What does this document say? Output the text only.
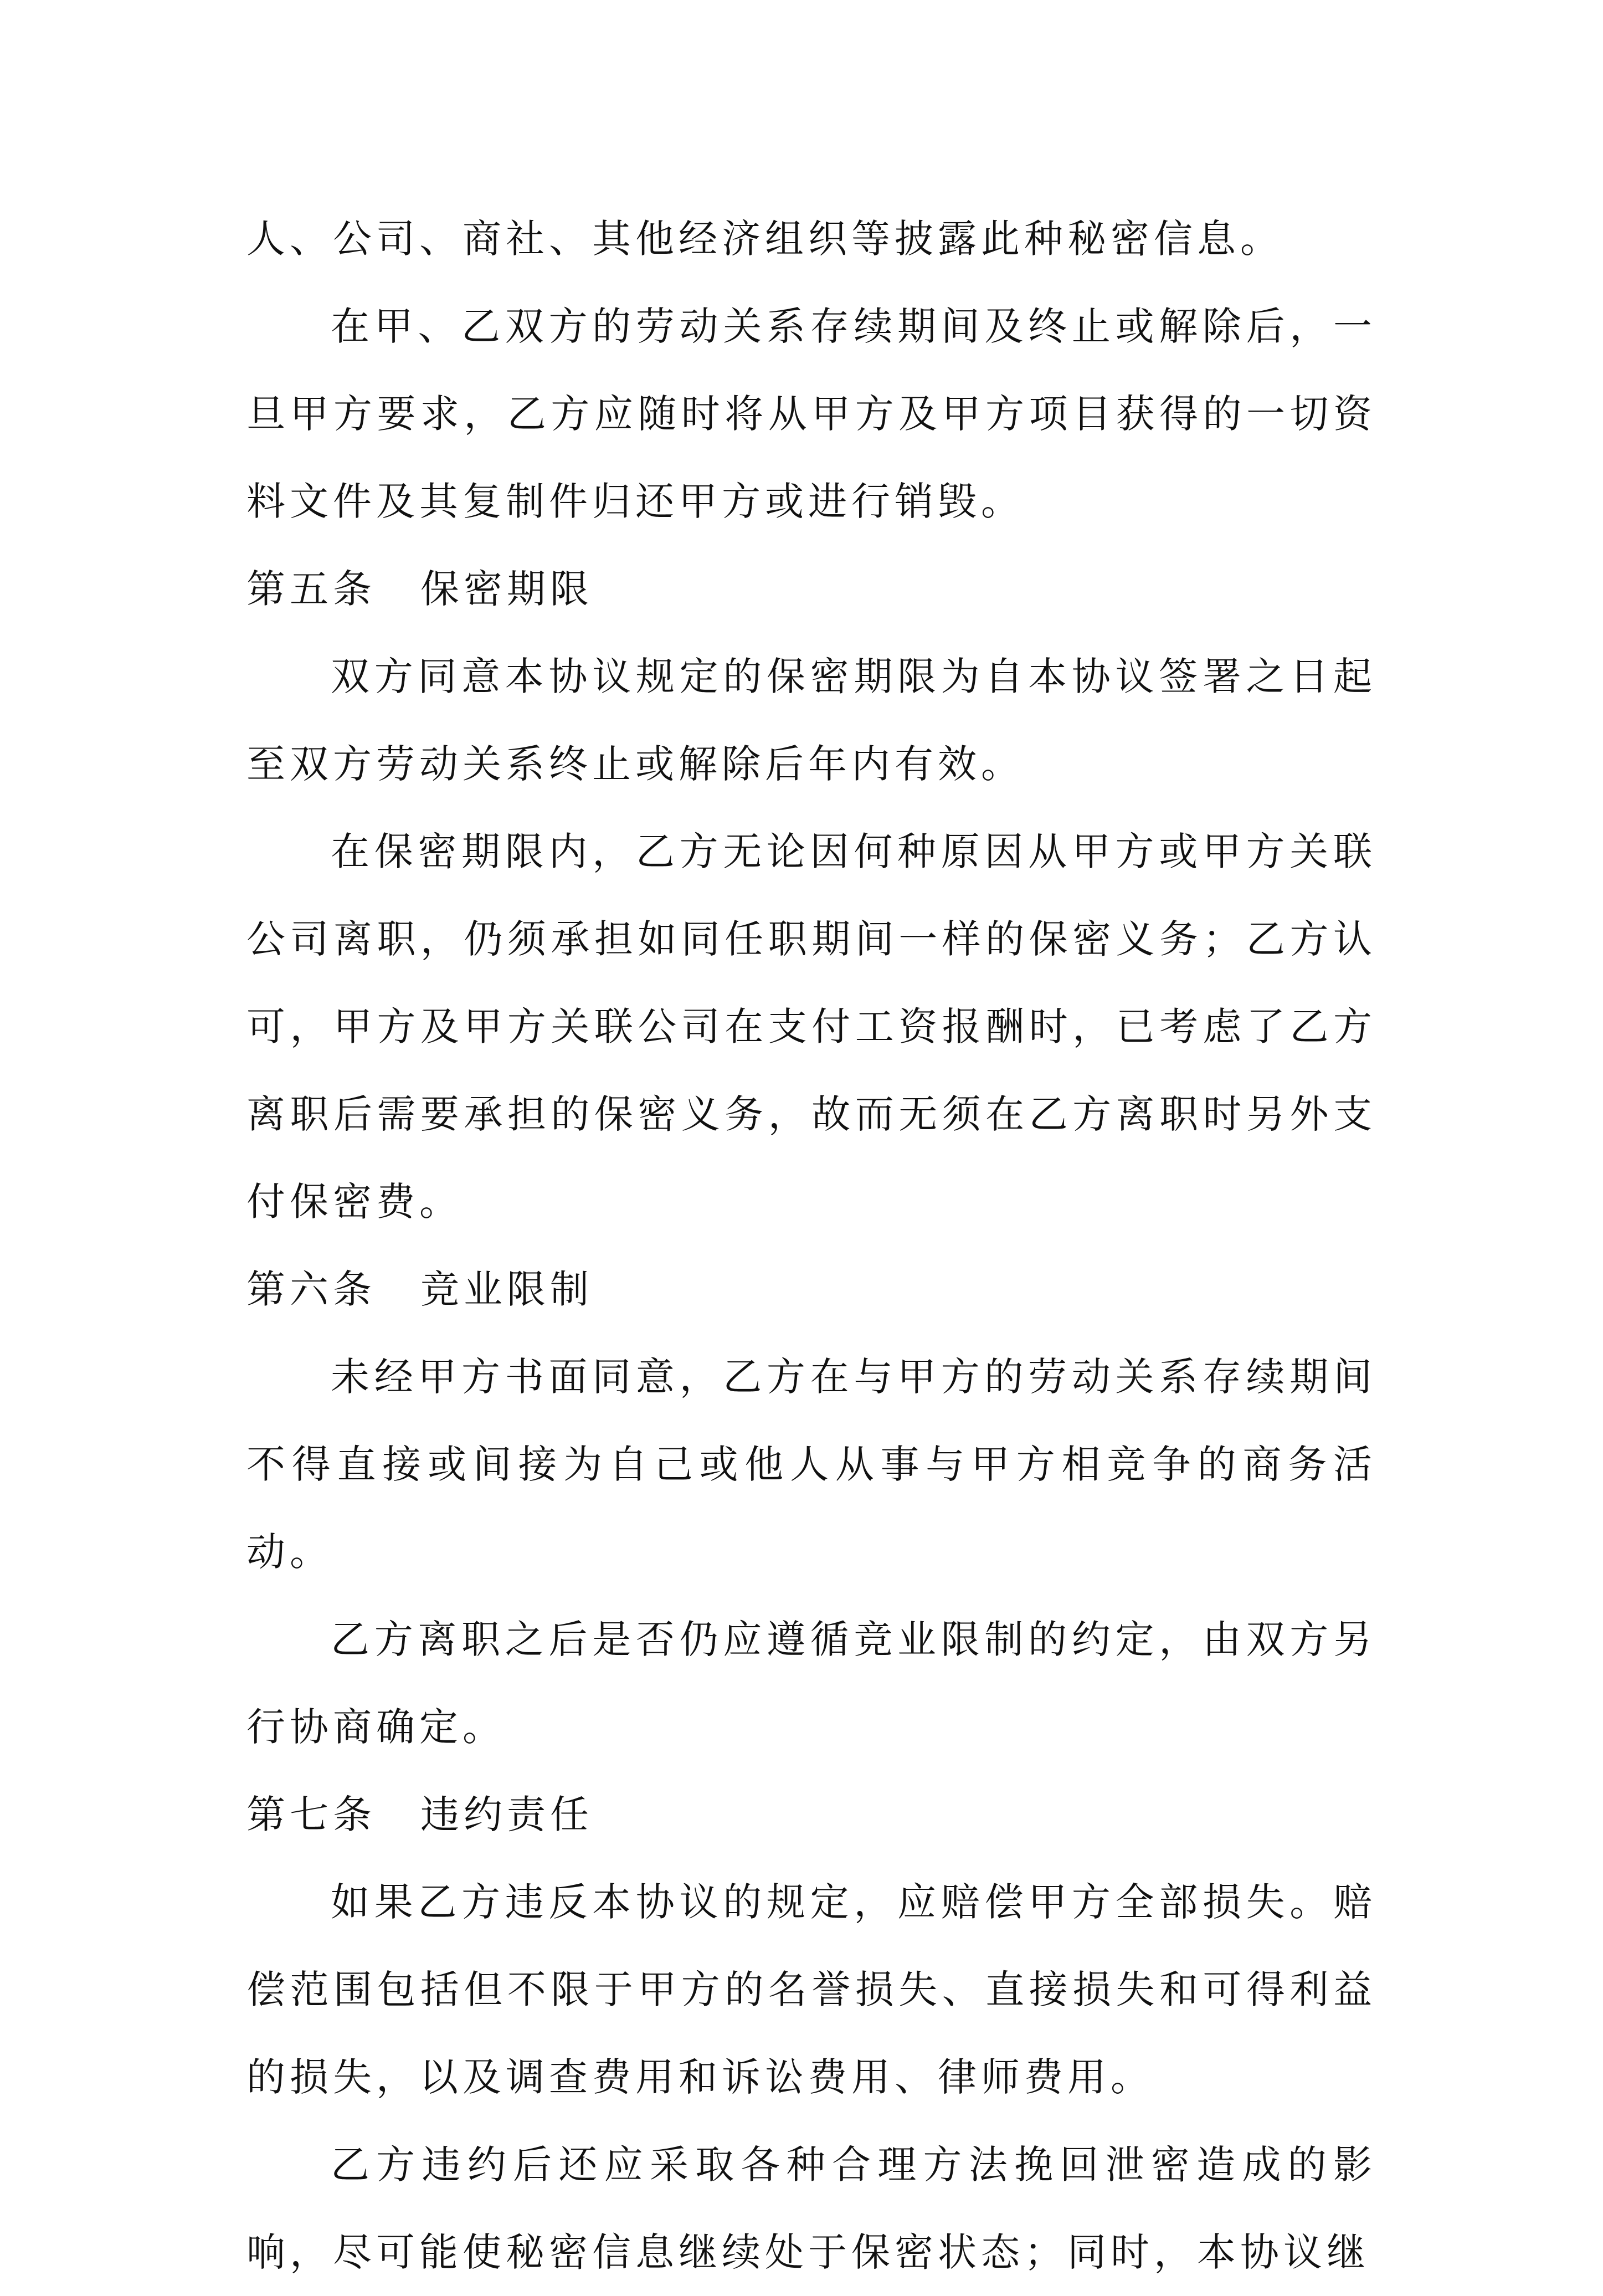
人、公司、商社、其他经济组织等披露此种秘密信息。

在甲、乙双方的劳动关系存续期间及终止或解除后，一旦甲方要求，乙方应随时将从甲方及甲方项目获得的一切资料文件及其复制件归还甲方或进行销毁。

第五条 保密期限

双方同意本协议规定的保密期限为自本协议签署之日起至双方劳动关系终止或解除后年内有效。

在保密期限内，乙方无论因何种原因从甲方或甲方关联公司离职，仍须承担如同任职期间一样的保密义务；乙方认可，甲方及甲方关联公司在支付工资报酬时，已考虑了乙方离职后需要承担的保密义务，故而无须在乙方离职时另外支付保密费。

第六条 竞业限制

未经甲方书面同意，乙方在与甲方的劳动关系存续期间不得直接或间接为自己或他人从事与甲方相竞争的商务活动。

乙方离职之后是否仍应遵循竞业限制的约定，由双方另行协商确定。

第七条 违约责任

如果乙方违反本协议的规定，应赔偿甲方全部损失。赔偿范围包括但不限于甲方的名誉损失、直接损失和可得利益的损失，以及调查费用和诉讼费用、律师费用。

乙方违约后还应采取各种合理方法挽回泄密造成的影响，尽可能使秘密信息继续处于保密状态；同时，本协议继
